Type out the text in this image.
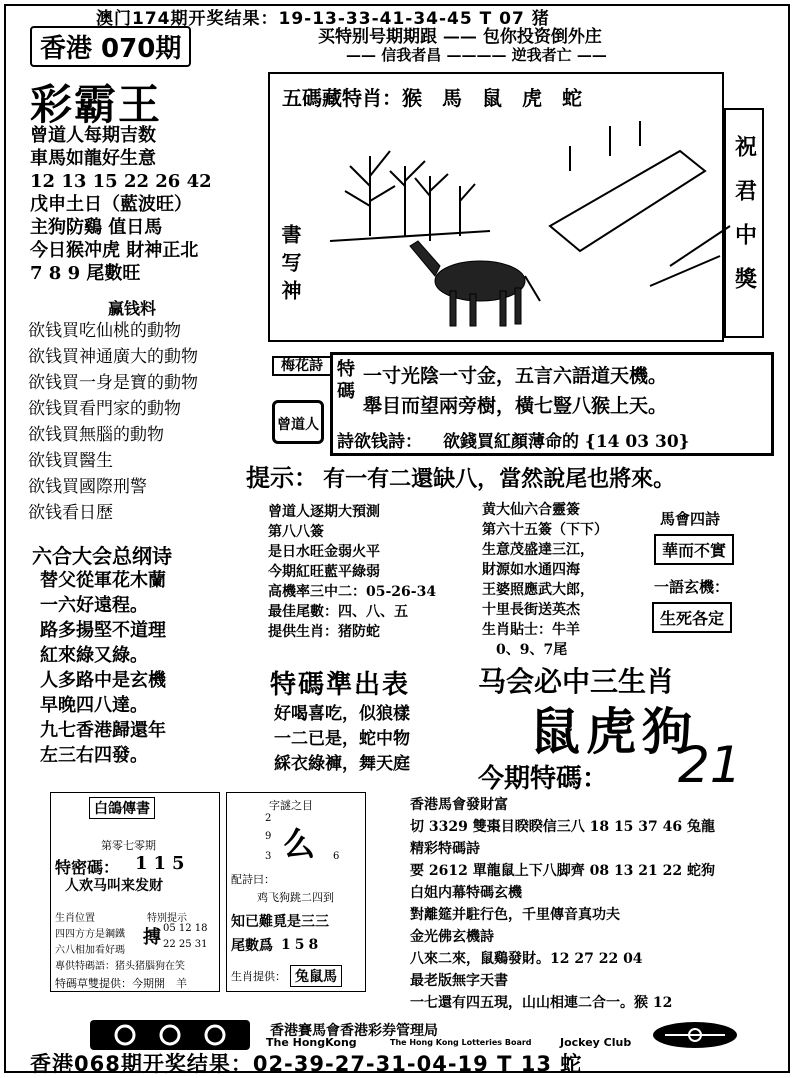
澳门174期开奖结果：19-13-33-41-34-45 T 07 猪
香港 070期	买特别号期期跟 —— 包你投资倒外庄
—— 信我者昌 ———— 逆我者亡 ——
彩霸王
曾道人每期吉数
車馬如龍好生意
12 13 15 22 26 42
戊申土日（藍波旺）
主狗防鷄 值日馬
今日猴冲虎 財神正北
7 8 9 尾數旺
赢钱料
欲钱買吃仙桃的動物
欲钱買神通廣大的動物
欲钱買一身是寶的動物
欲钱買看門家的動物
欲钱買無腦的動物
欲钱買醫生
欲钱買國際刑警
欲钱看日歷
五碼藏特肖：猴　馬　鼠　虎　蛇
書写神	祝君中獎
梅花詩
曾道人
特碼
一寸光陰一寸金，五言六語道天機。
舉目而望兩旁樹，橫七豎八猴上天。
詩欲钱詩： 欲錢買紅顏薄命的 {14 03 30}
提示： 有一有二還缺八，當然說尾也將來。
六合大会总纲诗
替父從軍花木蘭
一六好遠程。
路多揚堅不道理
紅來綠又綠。
人多路中是玄機
早晚四八達。
九七香港歸還年
左三右四發。
曾道人逐期大預測
第八八簽
是日水旺金弱火平
今期紅旺藍平綠弱
高機率三中二：05-26-34
最佳尾數：四、八、五
提供生肖：猪防蛇
黄大仙六合靈簽
第六十五簽（下下）
生意茂盛達三江，
財源如水通四海
王婆照應武大郎，
十里長街送英杰
生肖貼士：牛羊
　0、9、7尾
馬會四詩
華而不實
一語玄機：
生死各定
特碼準出表
好喝喜吃，似狼樣
一二已是，蛇中物
綵衣綠褲，舞天庭
马会必中三生肖
鼠虎狗
今期特碼： 21
白鴿傳書
第零七零期
特密碼： 115
人欢马叫来发财
生肖位置
四四方方是鋼鐵
六八相加看好瑪
特別提示
05 12 18
22 25 31
搏
專供特碼語：猪头猪腦狗在笑
特碼草雙提供：今期開　羊
字謎之目
2
9 么
3	6
配詩曰：
鸡飞狗跳二四到
知已難覓是三三
尾數爲 158
生肖提供： 兔鼠馬
香港馬會發財富
切 3329 雙棗目睽睽信三八 18 15 37 46 兔龍
精彩特碼詩
要 2612 單龍鼠上下八脚齊 08 13 21 22 蛇狗
白姐内幕特碼玄機
對離筵并駐行色，千里傳音真功夫
金光佛玄機詩
八來二來，鼠鷄發財。12 27 22 04
最老版無字天書
一七還有四五現，山山相連二合一。猴 12
香港賽馬會香港彩券管理局
The HongKong	The Hong Kong Lotteries Board	Jockey Club
香港068期开奖结果：02-39-27-31-04-19 T 13 蛇
